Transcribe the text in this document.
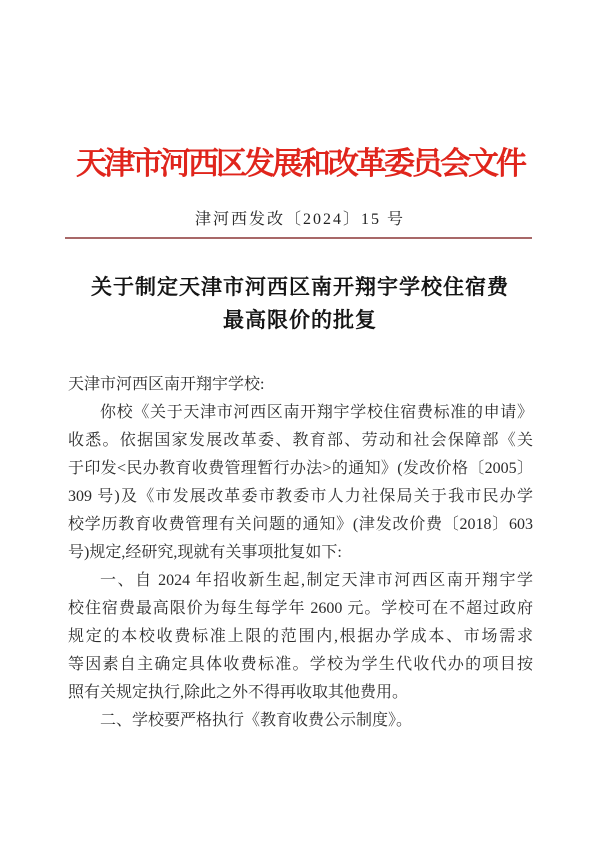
天津市河西区发展和改革委员会文件
津河西发改〔2024〕15 号
关于制定天津市河西区南开翔宇学校住宿费
最高限价的批复
天津市河西区南开翔宇学校:
你校《关于天津市河西区南开翔宇学校住宿费标准的申请》
收悉。依据国家发展改革委、教育部、劳动和社会保障部《关
于印发<民办教育收费管理暂行办法>的通知》(发改价格〔2005〕
309 号)及《市发展改革委市教委市人力社保局关于我市民办学
校学历教育收费管理有关问题的通知》(津发改价费〔2018〕603
号)规定,经研究,现就有关事项批复如下:
一、自 2024 年招收新生起,制定天津市河西区南开翔宇学
校住宿费最高限价为每生每学年 2600 元。学校可在不超过政府
规定的本校收费标准上限的范围内,根据办学成本、市场需求
等因素自主确定具体收费标准。学校为学生代收代办的项目按
照有关规定执行,除此之外不得再收取其他费用。
二、学校要严格执行《教育收费公示制度》。
